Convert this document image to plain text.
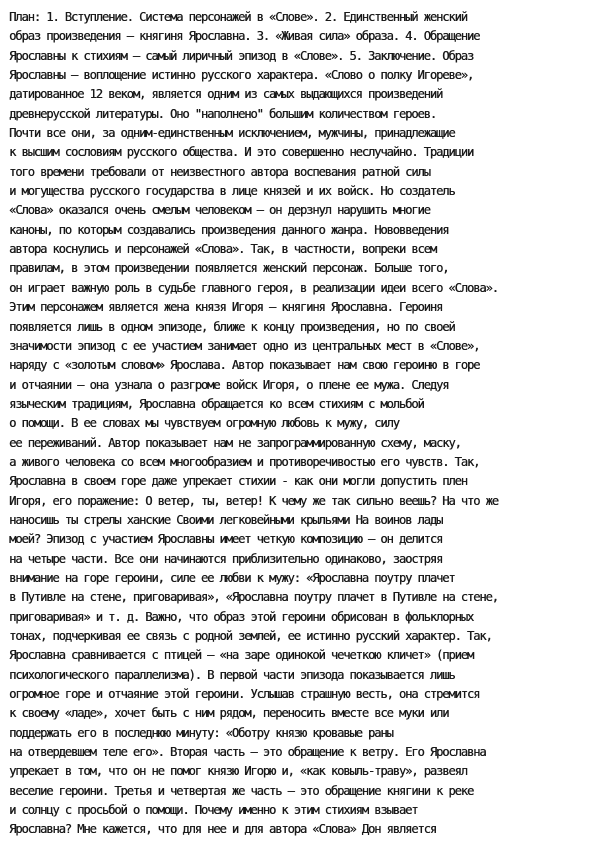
План: 1. Вступление. Система персонажей в «Слове». 2. Единственный женский
образ произведения — княгиня Ярославна. 3. «Живая сила» образа. 4. Обращение
Ярославны к стихиям — самый лиричный эпизод в «Слове». 5. Заключение. Образ
Ярославны — воплощение истинно русского характера. «Слово о полку Игореве»,
датированное 12 веком, является одним из самых выдающихся произведений
древнерусской литературы. Оно "наполнено" большим количеством героев.
Почти все они, за одним-единственным исключением, мужчины, принадлежащие
к высшим сословиям русского общества. И это совершенно неслучайно. Традиции
того времени требовали от неизвестного автора воспевания ратной силы
и могущества русского государства в лице князей и их войск. Но создатель
«Слова» оказался очень смелым человеком — он дерзнул нарушить многие
каноны, по которым создавались произведения данного жанра. Нововведения
автора коснулись и персонажей «Слова». Так, в частности, вопреки всем
правилам, в этом произведении появляется женский персонаж. Больше того,
он играет важную роль в судьбе главного героя, в реализации идеи всего «Слова».
Этим персонажем является жена князя Игоря — княгиня Ярославна. Героиня
появляется лишь в одном эпизоде, ближе к концу произведения, но по своей
значимости эпизод с ее участием занимает одно из центральных мест в «Слове»,
наряду с «золотым словом» Ярослава. Автор показывает нам свою героиню в горе
и отчаянии — она узнала о разгроме войск Игоря, о плене ее мужа. Следуя
языческим традициям, Ярославна обращается ко всем стихиям с мольбой
о помощи. В ее словах мы чувствуем огромную любовь к мужу, силу
ее переживаний. Автор показывает нам не запрограммированную схему, маску,
а живого человека со всем многообразием и противоречивостью его чувств. Так,
Ярославна в своем горе даже упрекает стихии - как они могли допустить плен
Игоря, его поражение: О ветер, ты, ветер! К чему же так сильно веешь? На что же
наносишь ты стрелы ханские Своими легковейными крыльями На воинов лады
моей? Эпизод с участием Ярославны имеет четкую композицию — он делится
на четыре части. Все они начинаются приблизительно одинаково, заостряя
внимание на горе героини, силе ее любви к мужу: «Ярославна поутру плачет
в Путивле на стене, приговаривая», «Ярославна поутру плачет в Путивле на стене,
приговаривая» и т. д. Важно, что образ этой героини обрисован в фольклорных
тонах, подчеркивая ее связь с родной землей, ее истинно русский характер. Так,
Ярославна сравнивается с птицей — «на заре одинокой чечеткою кличет» (прием
психологического параллелизма). В первой части эпизода показывается лишь
огромное горе и отчаяние этой героини. Услышав страшную весть, она стремится
к своему «ладе», хочет быть с ним рядом, переносить вместе все муки или
поддержать его в последнюю минуту: «Оботру князю кровавые раны
на отвердевшем теле его». Вторая часть — это обращение к ветру. Его Ярославна
упрекает в том, что он не помог князю Игорю и, «как ковыль-траву», развеял
веселие героини. Третья и четвертая же часть — это обращение княгини к реке
и солнцу с просьбой о помощи. Почему именно к этим стихиям взывает
Ярославна? Мне кажется, что для нее и для автора «Слова» Дон является
